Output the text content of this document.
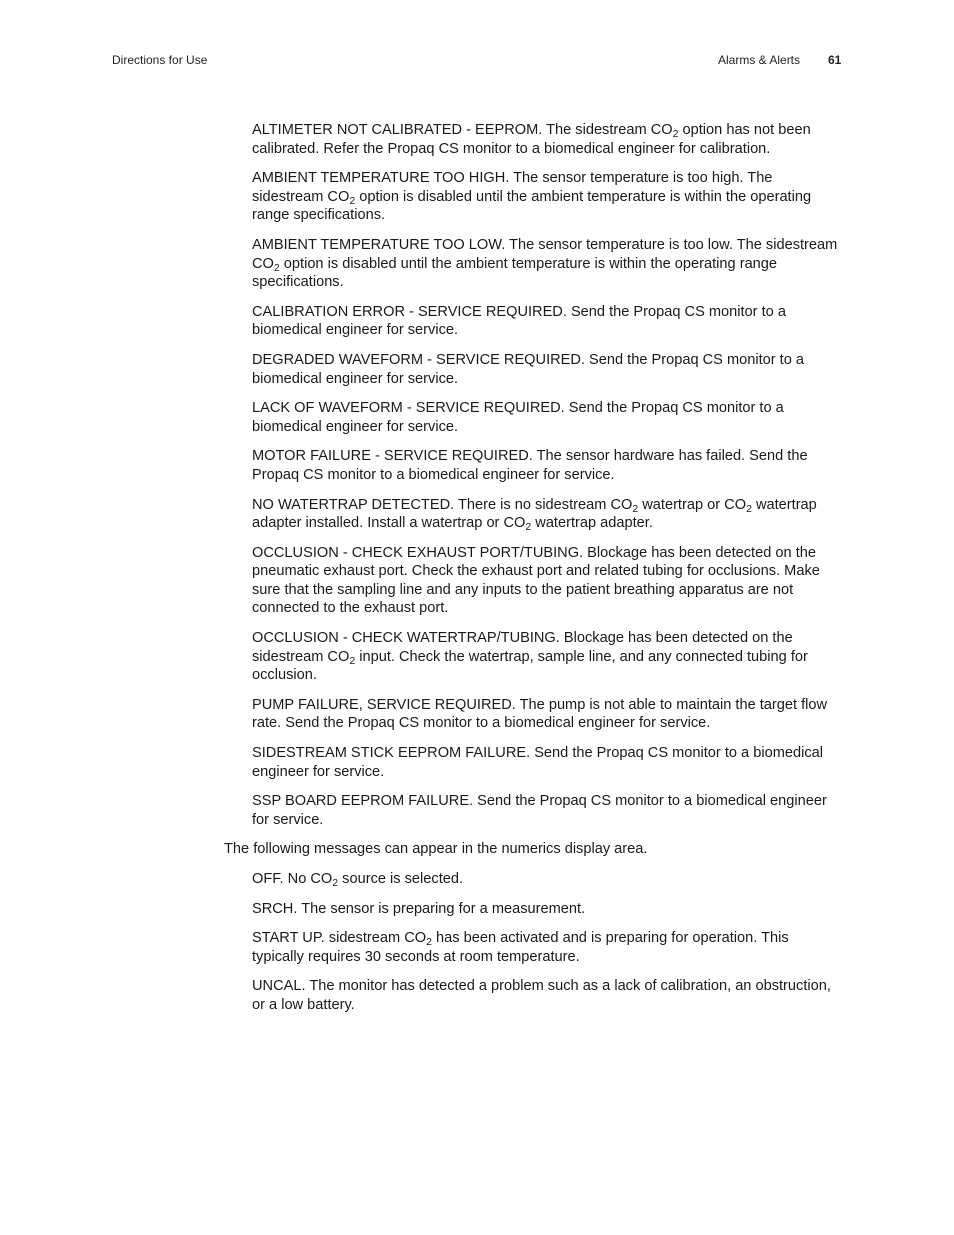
Directions for Use	Alarms & Alerts 61

ALTIMETER NOT CALIBRATED - EEPROM. The sidestream $CO_2$ option has not been calibrated. Refer the Propaq CS monitor to a biomedical engineer for calibration.

AMBIENT TEMPERATURE TOO HIGH. The sensor temperature is too high. The sidestream $CO_2$ option is disabled until the ambient temperature is within the operating range specifications.

AMBIENT TEMPERATURE TOO LOW. The sensor temperature is too low. The sidestream $CO_2$ option is disabled until the ambient temperature is within the operating range specifications.

CALIBRATION ERROR - SERVICE REQUIRED. Send the Propaq CS monitor to a biomedical engineer for service.

DEGRADED WAVEFORM - SERVICE REQUIRED. Send the Propaq CS monitor to a biomedical engineer for service.

LACK OF WAVEFORM - SERVICE REQUIRED. Send the Propaq CS monitor to a biomedical engineer for service.

MOTOR FAILURE - SERVICE REQUIRED. The sensor hardware has failed. Send the Propaq CS monitor to a biomedical engineer for service.

NO WATERTRAP DETECTED. There is no sidestream $CO_2$ watertrap or $CO_2$ watertrap adapter installed. Install a watertrap or $CO_2$ watertrap adapter.

OCCLUSION - CHECK EXHAUST PORT/TUBING. Blockage has been detected on the pneumatic exhaust port. Check the exhaust port and related tubing for occlusions. Make sure that the sampling line and any inputs to the patient breathing apparatus are not connected to the exhaust port.

OCCLUSION - CHECK WATERTRAP/TUBING. Blockage has been detected on the sidestream $CO_2$ input. Check the watertrap, sample line, and any connected tubing for occlusion.

PUMP FAILURE, SERVICE REQUIRED. The pump is not able to maintain the target flow rate. Send the Propaq CS monitor to a biomedical engineer for service.

SIDESTREAM STICK EEPROM FAILURE. Send the Propaq CS monitor to a biomedical engineer for service.

SSP BOARD EEPROM FAILURE. Send the Propaq CS monitor to a biomedical engineer for service.

The following messages can appear in the numerics display area.

OFF. No $CO_2$ source is selected.

SRCH. The sensor is preparing for a measurement.

START UP. sidestream $CO_2$ has been activated and is preparing for operation. This typically requires 30 seconds at room temperature.

UNCAL. The monitor has detected a problem such as a lack of calibration, an obstruction, or a low battery.
